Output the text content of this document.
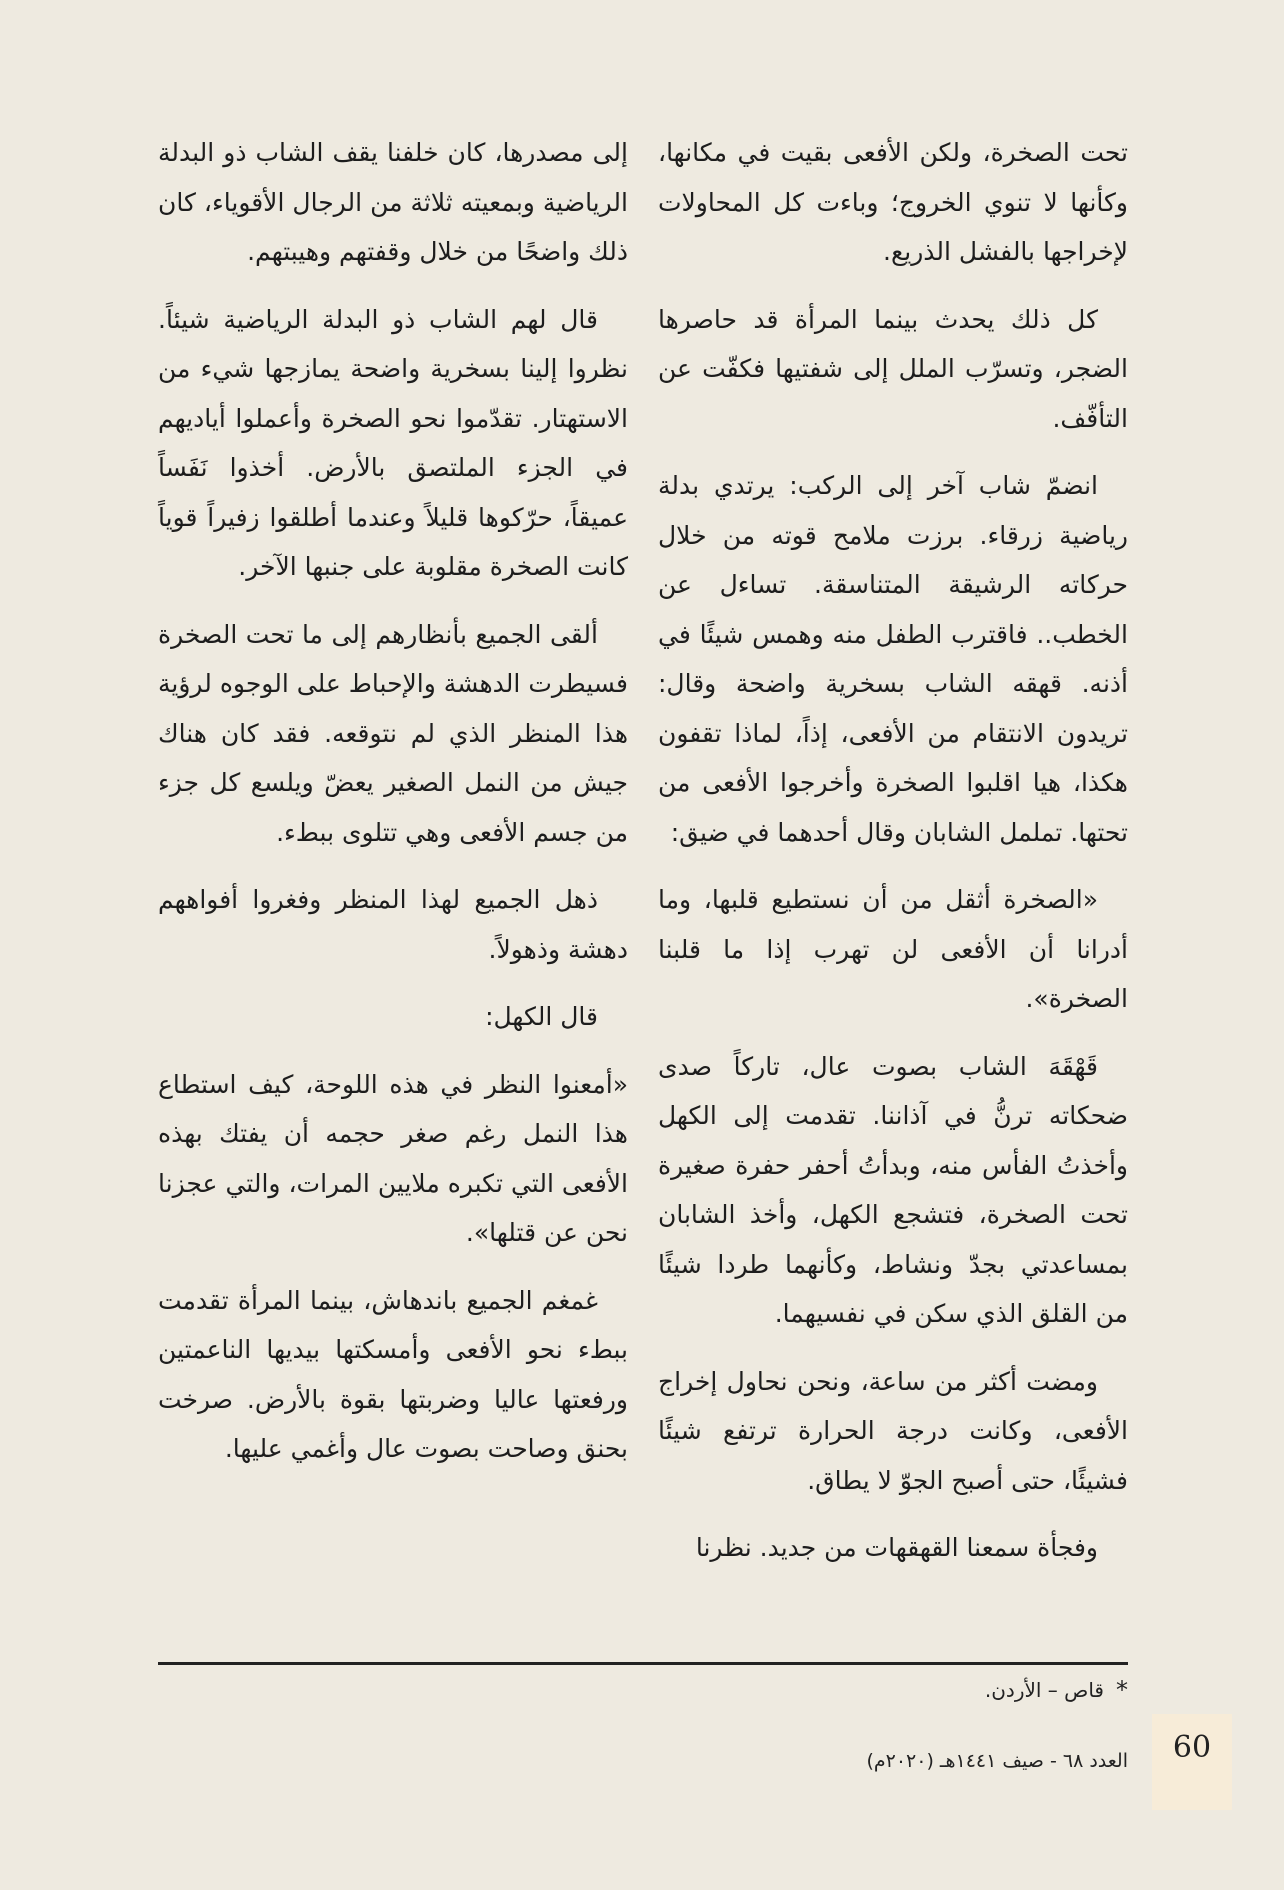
تحت الصخرة، ولكن الأفعى بقيت في مكانها، وكأنها لا تنوي الخروج؛ وباءت كل المحاولات لإخراجها بالفشل الذريع.

كل ذلك يحدث بينما المرأة قد حاصرها الضجر، وتسرّب الملل إلى شفتيها فكفّت عن التأفّف.

انضمّ شاب آخر إلى الركب: يرتدي بدلة رياضية زرقاء. برزت ملامح قوته من خلال حركاته الرشيقة المتناسقة. تساءل عن الخطب.. فاقترب الطفل منه وهمس شيئًا في أذنه. قهقه الشاب بسخرية واضحة وقال: تريدون الانتقام من الأفعى، إذاً، لماذا تقفون هكذا، هيا اقلبوا الصخرة وأخرجوا الأفعى من تحتها. تململ الشابان وقال أحدهما في ضيق:

«الصخرة أثقل من أن نستطيع قلبها، وما أدرانا أن الأفعى لن تهرب إذا ما قلبنا الصخرة».

قَهْقَهَ الشاب بصوت عال، تاركاً صدى ضحكاته ترنُّ في آذاننا. تقدمت إلى الكهل وأخذتُ الفأس منه، وبدأتُ أحفر حفرة صغيرة تحت الصخرة، فتشجع الكهل، وأخذ الشابان بمساعدتي بجدّ ونشاط، وكأنهما طردا شيئًا من القلق الذي سكن في نفسيهما.

ومضت أكثر من ساعة، ونحن نحاول إخراج الأفعى، وكانت درجة الحرارة ترتفع شيئًا فشيئًا، حتى أصبح الجوّ لا يطاق.

وفجأة سمعنا القهقهات من جديد. نظرنا

إلى مصدرها، كان خلفنا يقف الشاب ذو البدلة الرياضية وبمعيته ثلاثة من الرجال الأقوياء، كان ذلك واضحًا من خلال وقفتهم وهيبتهم.

قال لهم الشاب ذو البدلة الرياضية شيئاً. نظروا إلينا بسخرية واضحة يمازجها شيء من الاستهتار. تقدّموا نحو الصخرة وأعملوا أياديهم في الجزء الملتصق بالأرض. أخذوا نَفَساً عميقاً، حرّكوها قليلاً وعندما أطلقوا زفيراً قوياً كانت الصخرة مقلوبة على جنبها الآخر.

ألقى الجميع بأنظارهم إلى ما تحت الصخرة فسيطرت الدهشة والإحباط على الوجوه لرؤية هذا المنظر الذي لم نتوقعه. فقد كان هناك جيش من النمل الصغير يعضّ ويلسع كل جزء من جسم الأفعى وهي تتلوى ببطء.

ذهل الجميع لهذا المنظر وفغروا أفواههم دهشة وذهولاً.

قال الكهل:

«أمعنوا النظر في هذه اللوحة، كيف استطاع هذا النمل رغم صغر حجمه أن يفتك بهذه الأفعى التي تكبره ملايين المرات، والتي عجزنا نحن عن قتلها».

غمغم الجميع باندهاش، بينما المرأة تقدمت ببطء نحو الأفعى وأمسكتها بيديها الناعمتين ورفعتها عاليا وضربتها بقوة بالأرض. صرخت بحنق وصاحت بصوت عال وأغمي عليها.

*
قاص – الأردن.
العدد ٦٨ - صيف ١٤٤١هـ (٢٠٢٠م)	60
